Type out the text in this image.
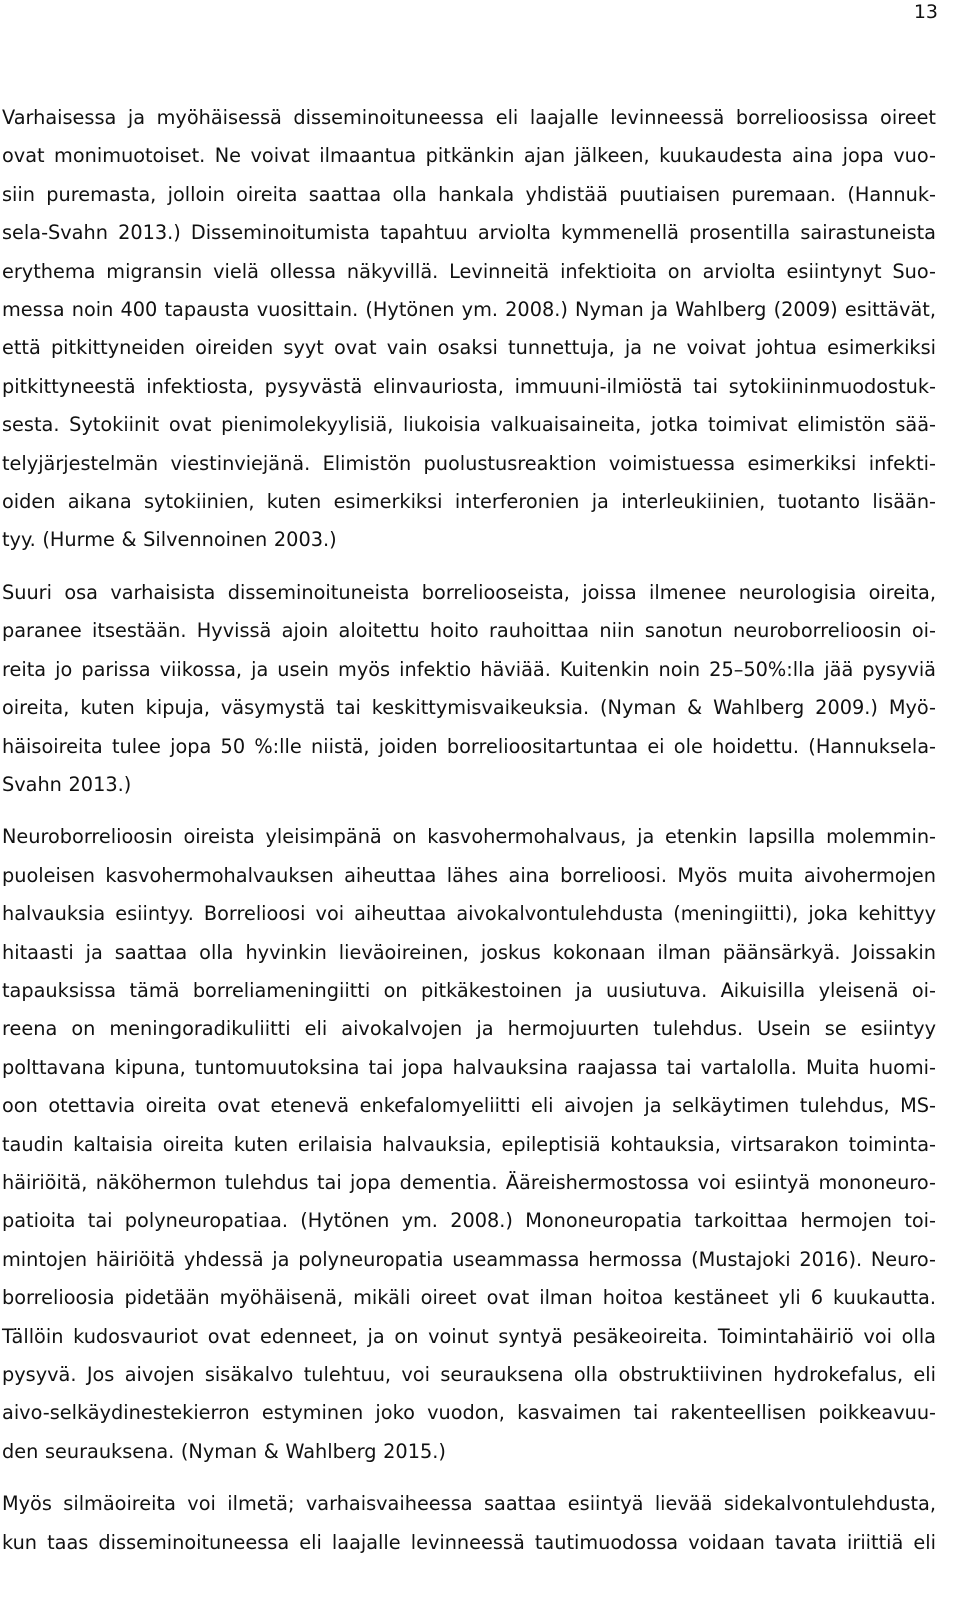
13

Varhaisessa ja myöhäisessä disseminoituneessa eli laajalle levinneessä borrelioosissa oireet
ovat monimuotoiset. Ne voivat ilmaantua pitkänkin ajan jälkeen, kuukaudesta aina jopa vuo-
siin puremasta, jolloin oireita saattaa olla hankala yhdistää puutiaisen puremaan. (Hannuk-
sela-Svahn 2013.) Disseminoitumista tapahtuu arviolta kymmenellä prosentilla sairastuneista
erythema migransin vielä ollessa näkyvillä. Levinneitä infektioita on arviolta esiintynyt Suo-
messa noin 400 tapausta vuosittain. (Hytönen ym. 2008.) Nyman ja Wahlberg (2009) esittävät,
että pitkittyneiden oireiden syyt ovat vain osaksi tunnettuja, ja ne voivat johtua esimerkiksi
pitkittyneestä infektiosta, pysyvästä elinvauriosta, immuuni-ilmiöstä tai sytokiininmuodostuk-
sesta. Sytokiinit ovat pienimolekyylisiä, liukoisia valkuaisaineita, jotka toimivat elimistön sää-
telyjärjestelmän viestinviejänä. Elimistön puolustusreaktion voimistuessa esimerkiksi infekti-
oiden aikana sytokiinien, kuten esimerkiksi interferonien ja interleukiinien, tuotanto lisään-
tyy. (Hurme & Silvennoinen 2003.)

Suuri osa varhaisista disseminoituneista borreliooseista, joissa ilmenee neurologisia oireita,
paranee itsestään. Hyvissä ajoin aloitettu hoito rauhoittaa niin sanotun neuroborrelioosin oi-
reita jo parissa viikossa, ja usein myös infektio häviää. Kuitenkin noin 25–50%:lla jää pysyviä
oireita, kuten kipuja, väsymystä tai keskittymisvaikeuksia. (Nyman & Wahlberg 2009.) Myö-
häisoireita tulee jopa 50 %:lle niistä, joiden borrelioositartuntaa ei ole hoidettu. (Hannuksela-
Svahn 2013.)

Neuroborrelioosin oireista yleisimpänä on kasvohermohalvaus, ja etenkin lapsilla molemmin-
puoleisen kasvohermohalvauksen aiheuttaa lähes aina borrelioosi. Myös muita aivohermojen
halvauksia esiintyy. Borrelioosi voi aiheuttaa aivokalvontulehdusta (meningiitti), joka kehittyy
hitaasti ja saattaa olla hyvinkin lieväoireinen, joskus kokonaan ilman päänsärkyä. Joissakin
tapauksissa tämä borreliameningiitti on pitkäkestoinen ja uusiutuva. Aikuisilla yleisenä oi-
reena on meningoradikuliitti eli aivokalvojen ja hermojuurten tulehdus. Usein se esiintyy
polttavana kipuna, tuntomuutoksina tai jopa halvauksina raajassa tai vartalolla. Muita huomi-
oon otettavia oireita ovat etenevä enkefalomyeliitti eli aivojen ja selkäytimen tulehdus, MS-
taudin kaltaisia oireita kuten erilaisia halvauksia, epileptisiä kohtauksia, virtsarakon toiminta-
häiriöitä, näköhermon tulehdus tai jopa dementia. Ääreishermostossa voi esiintyä mononeuro-
patioita tai polyneuropatiaa. (Hytönen ym. 2008.) Mononeuropatia tarkoittaa hermojen toi-
mintojen häiriöitä yhdessä ja polyneuropatia useammassa hermossa (Mustajoki 2016). Neuro-
borrelioosia pidetään myöhäisenä, mikäli oireet ovat ilman hoitoa kestäneet yli 6 kuukautta.
Tällöin kudosvauriot ovat edenneet, ja on voinut syntyä pesäkeoireita. Toimintahäiriö voi olla
pysyvä. Jos aivojen sisäkalvo tulehtuu, voi seurauksena olla obstruktiivinen hydrokefalus, eli
aivo-selkäydinestekierron estyminen joko vuodon, kasvaimen tai rakenteellisen poikkeavuu-
den seurauksena. (Nyman & Wahlberg 2015.)

Myös silmäoireita voi ilmetä; varhaisvaiheessa saattaa esiintyä lievää sidekalvontulehdusta,
kun taas disseminoituneessa eli laajalle levinneessä tautimuodossa voidaan tavata iriittiä eli
